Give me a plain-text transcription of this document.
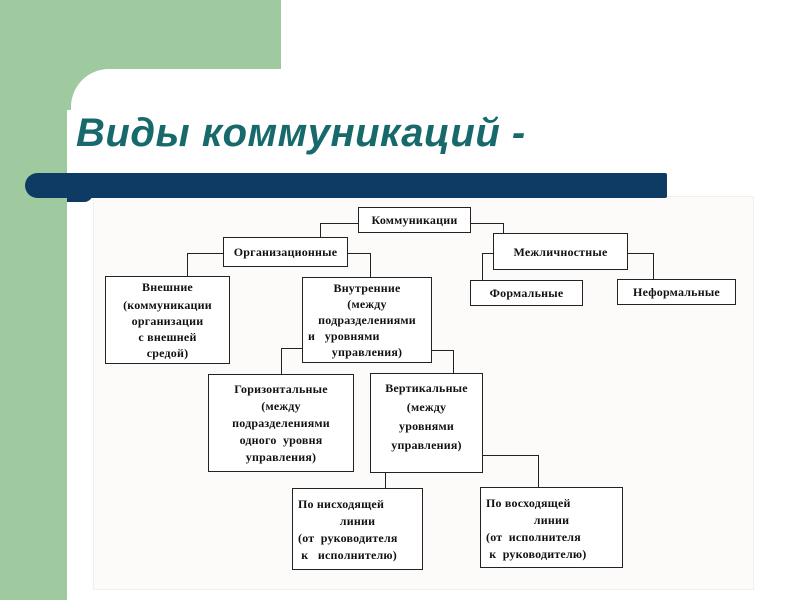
Виды коммуникаций -
Коммуникации
Организационные	Межличностные
Внешние
(коммуникации
организации
с внешней
средой)
Внутренние
(между
подразделениями
и   уровнями
управления)
Формальные	Неформальные
Горизонтальные
(между
подразделениями
одного  уровня
управления)
Вертикальные
(между
уровнями
управления)
По нисходящей
линии
(от  руководителя
к   исполнителю)
По восходящей
линии
(от  исполнителя
к  руководителю)
